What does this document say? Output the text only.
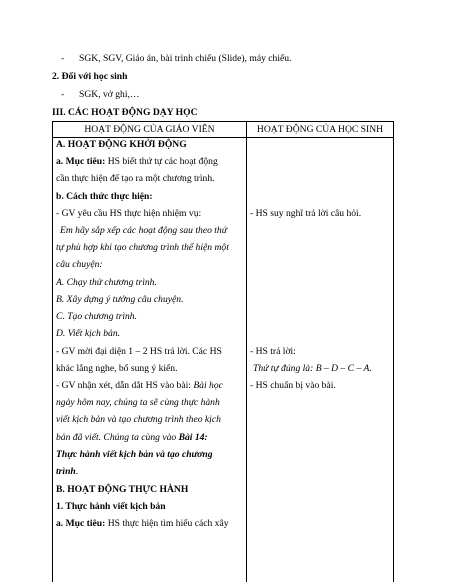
- SGK, SGV, Giáo án, bài trình chiếu (Slide), máy chiếu.
2. Đối với học sinh
- SGK, vở ghi,…
III. CÁC HOẠT ĐỘNG DẠY HỌC
HOẠT ĐỘNG CỦA GIÁO VIÊN	HOẠT ĐỘNG CỦA HỌC SINH
A. HOẠT ĐỘNG KHỞI ĐỘNG
a. Mục tiêu: HS biết thứ tự các hoạt động
cần thực hiện để tạo ra một chương trình.
b. Cách thức thực hiện:
- GV yêu cầu HS thực hiện nhiệm vụ:
Em hãy sắp xếp các hoạt động sau theo thứ
tự phù hợp khi tạo chương trình thể hiện một
câu chuyện:
A. Chạy thử chương trình.
B. Xây dựng ý tưởng câu chuyện.
C. Tạo chương trình.
D. Viết kịch bản.
- GV mời đại diện 1 – 2 HS trả lời. Các HS
khác lắng nghe, bổ sung ý kiến.
- GV nhận xét, dẫn dắt HS vào bài: Bài học
ngày hôm nay, chúng ta sẽ cùng thực hành
viết kịch bản và tạo chương trình theo kịch
bản đã viết. Chúng ta cùng vào Bài 14:
Thực hành viết kịch bản và tạo chương
trình.
B. HOẠT ĐỘNG THỰC HÀNH
1. Thực hành viết kịch bản
a. Mục tiêu: HS thực hiện tìm hiểu cách xây
- HS suy nghĩ trả lời câu hỏi.
- HS trả lời:
Thứ tự đúng là: B – D – C – A.
- HS chuẩn bị vào bài.
